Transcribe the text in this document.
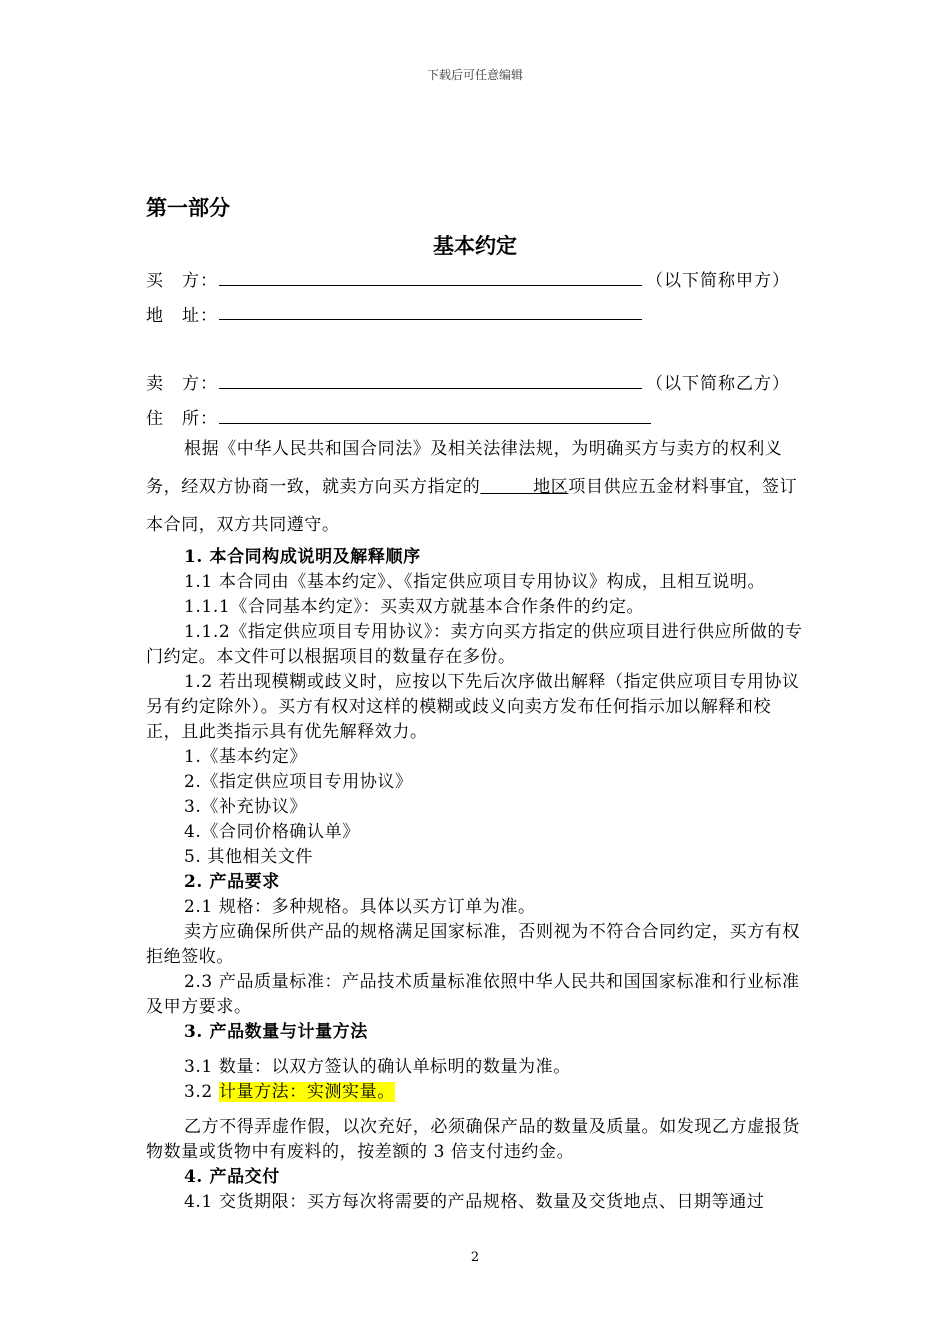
下载后可任意编辑
第一部分
基本约定
买　方：	（以下简称甲方）
地　址：
卖　方：	（以下简称乙方）
住　所：
根据《中华人民共和国合同法》及相关法律法规，为明确买方与卖方的权利义务，经双方协商一致，就卖方向买方指定的　　　地区项目供应五金材料事宜，签订本合同，双方共同遵守。
1. 本合同构成说明及解释顺序
1.1 本合同由《基本约定》、《指定供应项目专用协议》构成，且相互说明。
1.1.1《合同基本约定》：买卖双方就基本合作条件的约定。
1.1.2《指定供应项目专用协议》：卖方向买方指定的供应项目进行供应所做的专门约定。本文件可以根据项目的数量存在多份。
1.2 若出现模糊或歧义时，应按以下先后次序做出解释（指定供应项目专用协议另有约定除外）。买方有权对这样的模糊或歧义向卖方发布任何指示加以解释和校正，且此类指示具有优先解释效力。
1.《基本约定》
2.《指定供应项目专用协议》
3.《补充协议》
4.《合同价格确认单》
5. 其他相关文件
2. 产品要求
2.1 规格：多种规格。具体以买方订单为准。
卖方应确保所供产品的规格满足国家标准，否则视为不符合合同约定，买方有权拒绝签收。
2.3 产品质量标准：产品技术质量标准依照中华人民共和国国家标准和行业标准及甲方要求。
3. 产品数量与计量方法
3.1 数量：以双方签认的确认单标明的数量为准。
3.2 计量方法：实测实量。
乙方不得弄虚作假，以次充好，必须确保产品的数量及质量。如发现乙方虚报货物数量或货物中有废料的，按差额的 3 倍支付违约金。
4. 产品交付
4.1 交货期限：买方每次将需要的产品规格、数量及交货地点、日期等通过
2
